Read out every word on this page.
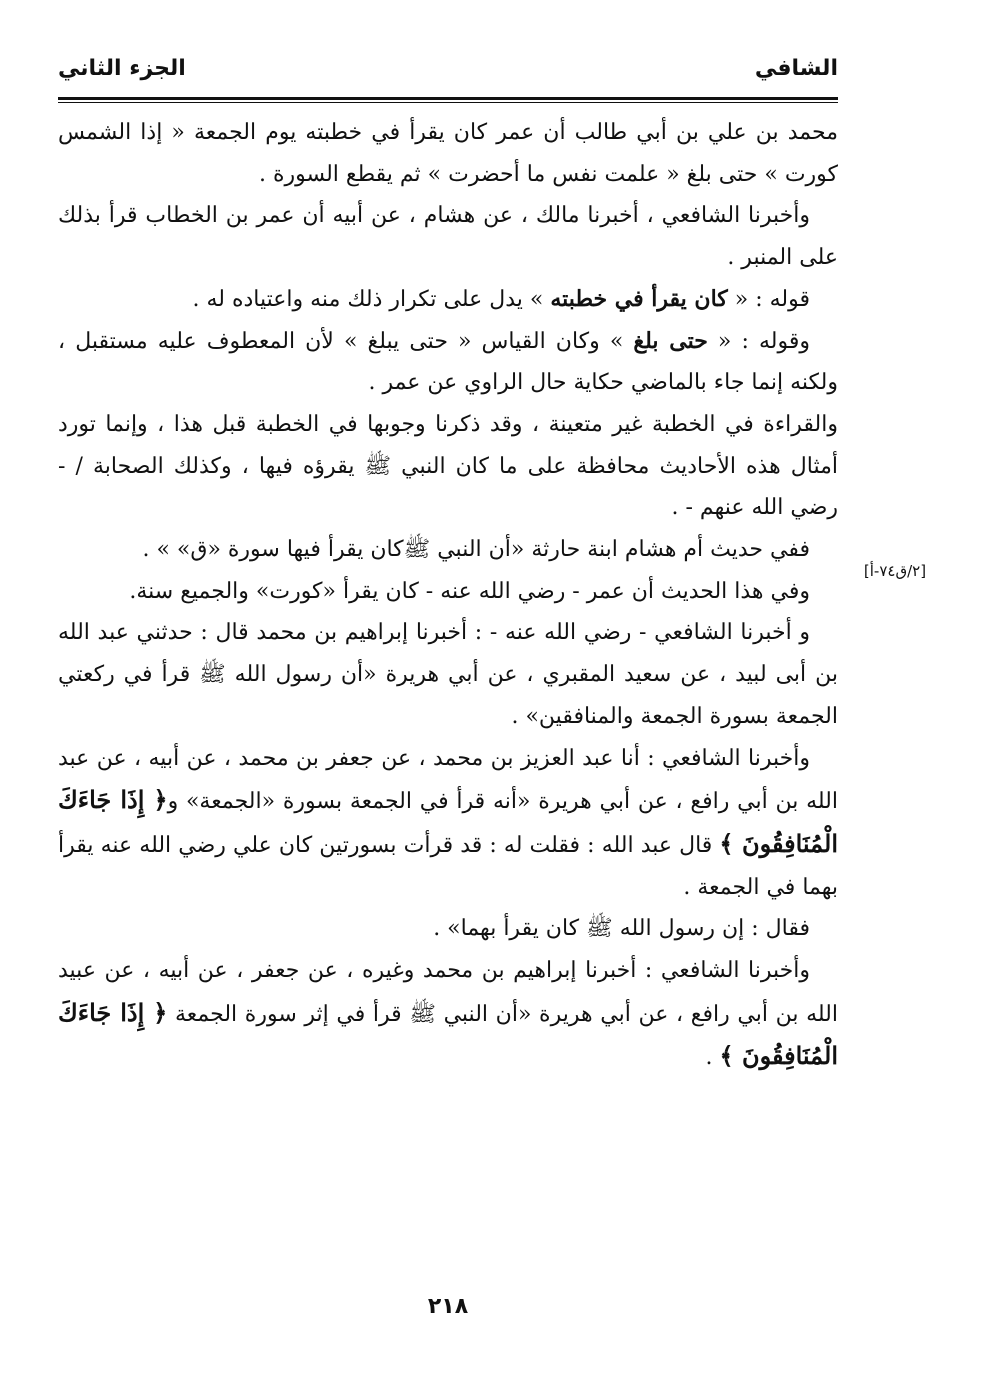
الشافي
الجزء الثاني

محمد بن علي بن أبي طالب أن عمر كان يقرأ في خطبته يوم الجمعة « إذا الشمس كورت » حتى بلغ « علمت نفس ما أحضرت » ثم يقطع السورة .

وأخبرنا الشافعي ، أخبرنا مالك ، عن هشام ، عن أبيه أن عمر بن الخطاب قرأ بذلك على المنبر .

قوله : « كان يقرأ في خطبته » يدل على تكرار ذلك منه واعتياده له .

وقوله : « حتى بلغ » وكان القياس « حتى يبلغ » لأن المعطوف عليه مستقبل ، ولكنه إنما جاء بالماضي حكاية حال الراوي عن عمر .

والقراءة في الخطبة غير متعينة ، وقد ذكرنا وجوبها في الخطبة قبل هذا ، وإنما تورد أمثال هذه الأحاديث محافظة على ما كان النبي ﷺ يقرؤه فيها ، وكذلك الصحابة / - رضي الله عنهم - .

ففي حديث أم هشام ابنة حارثة «أن النبي ﷺكان يقرأ فيها سورة «ق» » .

وفي هذا الحديث أن عمر - رضي الله عنه - كان يقرأ «كورت» والجميع سنة.

و أخبرنا الشافعي - رضي الله عنه - : أخبرنا إبراهيم بن محمد قال : حدثني عبد الله بن أبى لبيد ، عن سعيد المقبري ، عن أبي هريرة «أن رسول الله ﷺ قرأ في ركعتي الجمعة بسورة الجمعة والمنافقين» .

وأخبرنا الشافعي : أنا عبد العزيز بن محمد ، عن جعفر بن محمد ، عن أبيه ، عن عبد الله بن أبي رافع ، عن أبي هريرة «أنه قرأ في الجمعة بسورة «الجمعة» و﴿ إِذَا جَاءَكَ الْمُنَافِقُونَ ﴾ قال عبد الله : فقلت له : قد قرأت بسورتين كان علي رضي الله عنه يقرأ بهما في الجمعة .

فقال : إن رسول الله ﷺ كان يقرأ بهما» .

وأخبرنا الشافعي : أخبرنا إبراهيم بن محمد وغيره ، عن جعفر ، عن أبيه ، عن عبيد الله بن أبي رافع ، عن أبي هريرة «أن النبي ﷺ قرأ في إثر سورة الجمعة ﴿ إِذَا جَاءَكَ الْمُنَافِقُونَ ﴾ .

[٢/ق٧٤-أ]
٢١٨
